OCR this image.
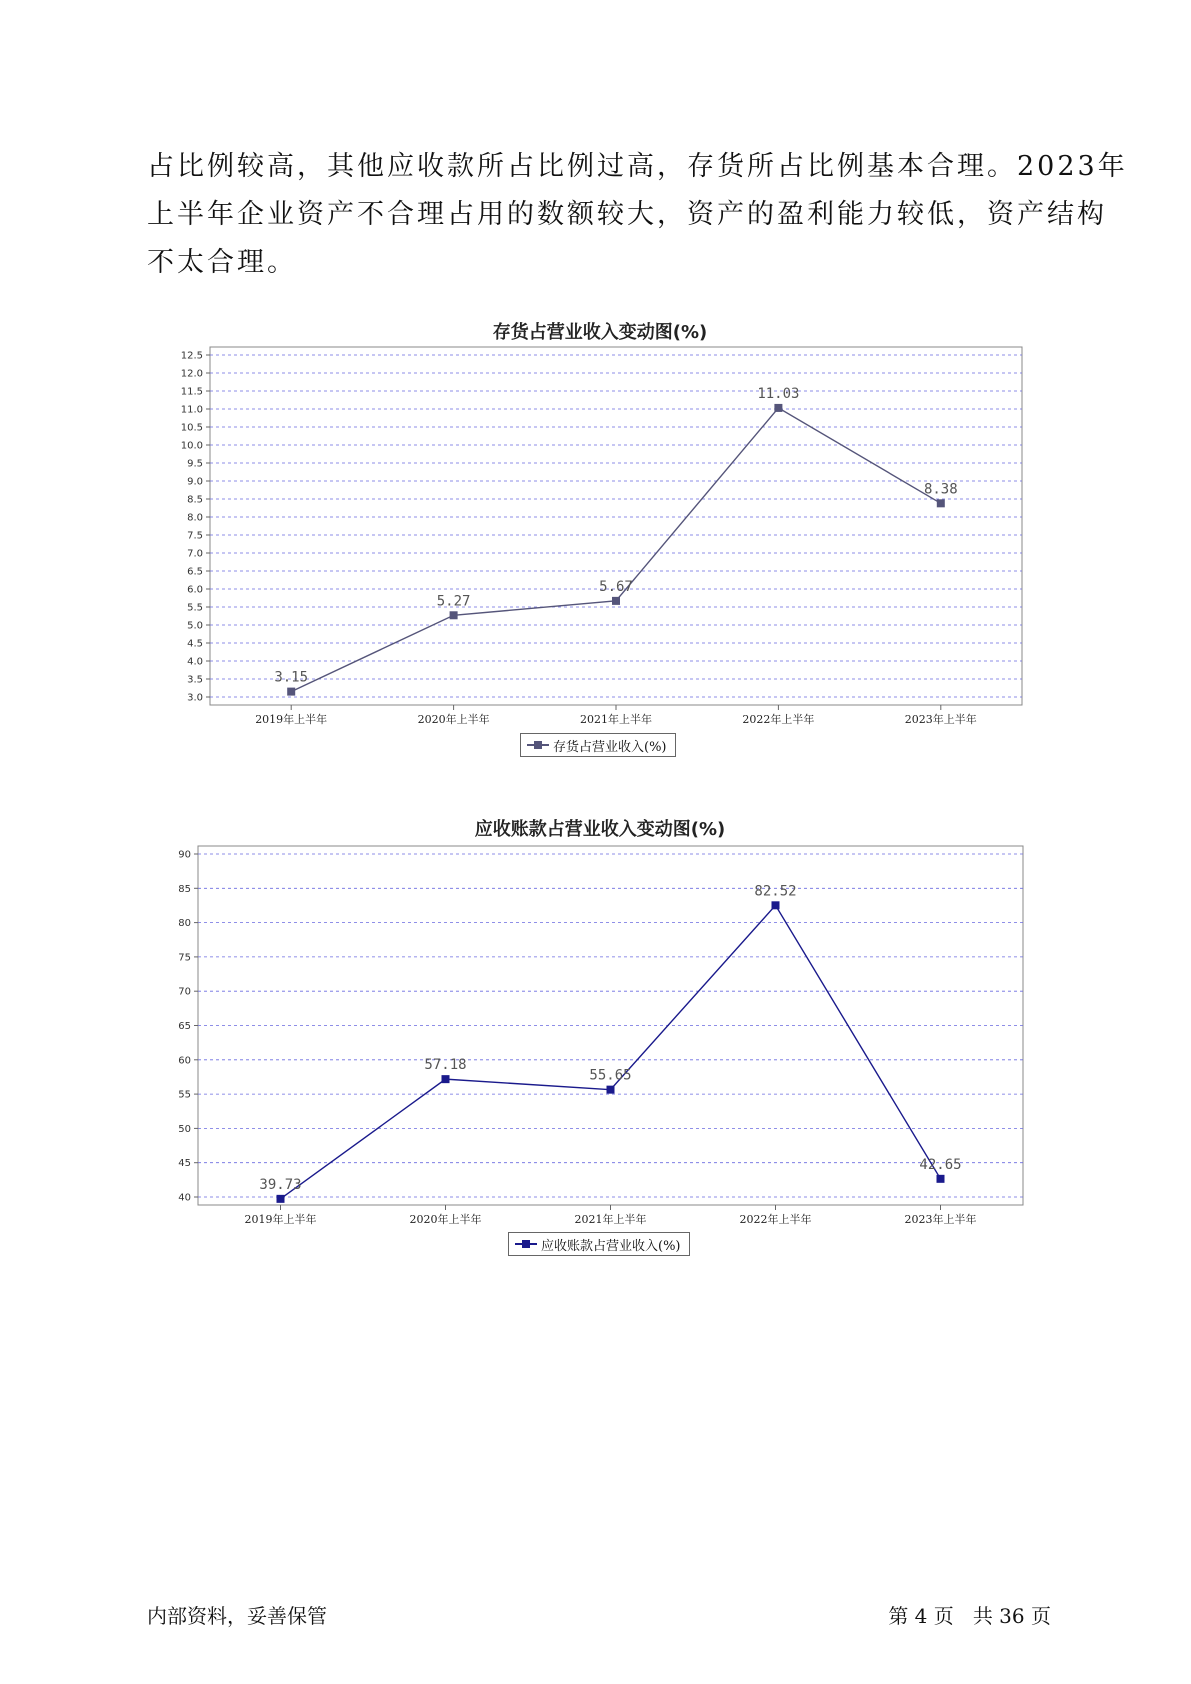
占比例较高，其他应收款所占比例过高，存货所占比例基本合理。2023年
上半年企业资产不合理占用的数额较大，资产的盈利能力较低，资产结构
不太合理。
存货占营业收入变动图(%)
3.0
3.5
4.0
4.5
5.0
5.5
6.0
6.5
7.0
7.5
8.0
8.5
9.0
9.5
10.0
10.5
11.0
11.5
12.0
12.5
2019年上半年	2020年上半年	2021年上半年	2022年上半年	2023年上半年
3.15
5.27
5.67
11.03
8.38
存货占营业收入(%)
应收账款占营业收入变动图(%)
40
45
50
55
60
65
70
75
80
85
90
2019年上半年	2020年上半年	2021年上半年	2022年上半年	2023年上半年
39.73
57.18
55.65
82.52
42.65
应收账款占营业收入(%)
内部资料，妥善保管	第 4 页   共 36 页
